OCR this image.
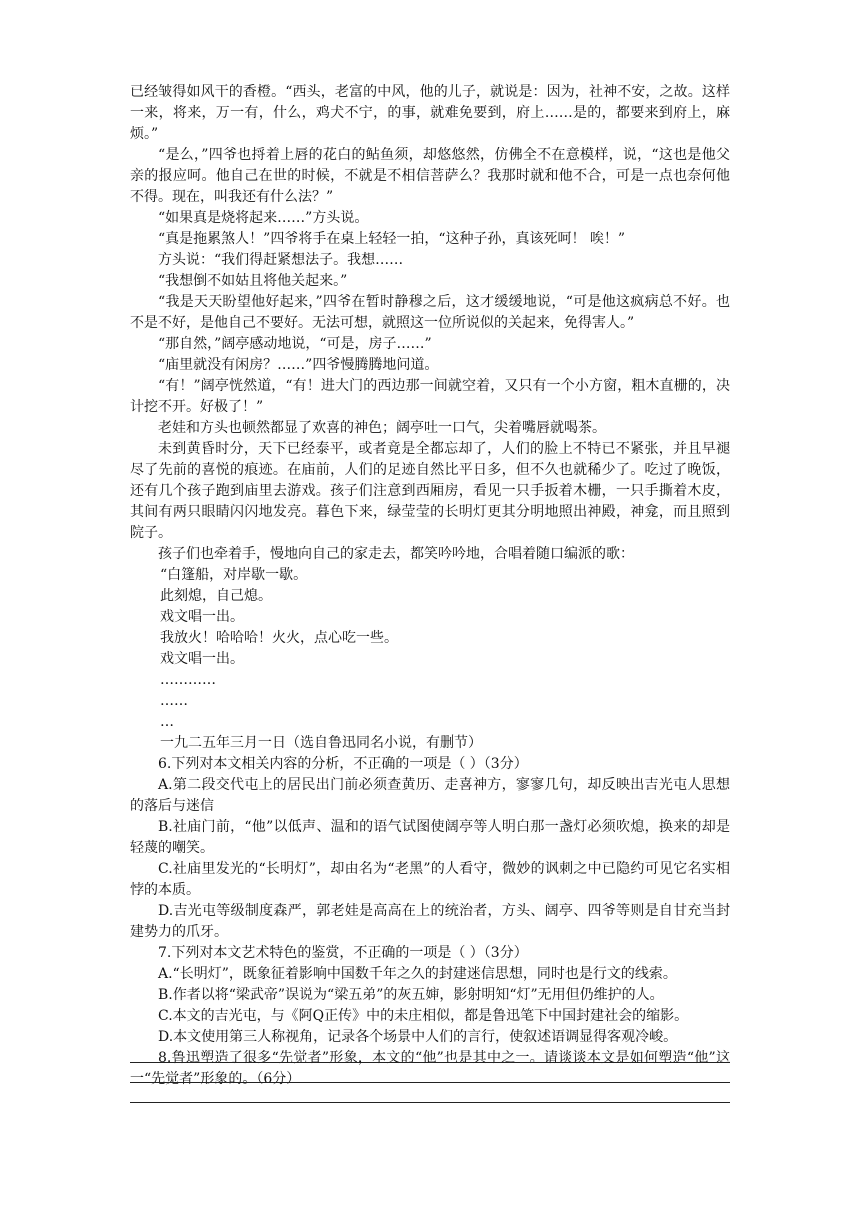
已经皱得如风干的香橙。“西头，老富的中风，他的儿子，就说是：因为，社神不安，之故。这样一来，将来，万一有，什么，鸡犬不宁，的事，就难免要到，府上……是的，都要来到府上，麻烦。”

“是么，”四爷也捋着上唇的花白的鲇鱼须，却悠悠然，仿佛全不在意模样，说，“这也是他父亲的报应呵。他自己在世的时候，不就是不相信菩萨么？我那时就和他不合，可是一点也奈何他不得。现在，叫我还有什么法？”

“如果真是烧将起来……”方头说。

“真是拖累煞人！”四爷将手在桌上轻轻一拍，“这种子孙，真该死呵！ 唉！”

方头说：“我们得赶紧想法子。我想……

“我想倒不如姑且将他关起来。”

“我是天天盼望他好起来，”四爷在暂时静穆之后，这才缓缓地说，“可是他这疯病总不好。也不是不好，是他自己不要好。无法可想，就照这一位所说似的关起来，免得害人。”

“那自然，”阔亭感动地说，“可是，房子……”

“庙里就没有闲房？……”四爷慢腾腾地问道。

“有！”阔亭恍然道，“有！进大门的西边那一间就空着，又只有一个小方窗，粗木直栅的，决计挖不开。好极了！”

老娃和方头也顿然都显了欢喜的神色；阔亭吐一口气，尖着嘴唇就喝茶。

未到黄昏时分，天下已经泰平，或者竟是全都忘却了，人们的脸上不特已不紧张，并且早褪尽了先前的喜悦的痕迹。在庙前，人们的足迹自然比平日多，但不久也就稀少了。吃过了晚饭，还有几个孩子跑到庙里去游戏。孩子们注意到西厢房，看见一只手扳着木栅，一只手撕着木皮，其间有两只眼睛闪闪地发亮。暮色下来，绿莹莹的长明灯更其分明地照出神殿，神龛，而且照到院子。

孩子们也牵着手，慢地向自己的家走去，都笑吟吟地，合唱着随口编派的歌：

“白篷船，对岸歇一歇。

此刻熄，自己熄。

戏文唱一出。

我放火！哈哈哈！火火，点心吃一些。

戏文唱一出。

…………

……

…

一九二五年三月一日（选自鲁迅同名小说，有删节）

6.下列对本文相关内容的分析，不正确的一项是（ ）（3分）

A.第二段交代屯上的居民出门前必须查黄历、走喜神方，寥寥几句，却反映出吉光屯人思想的落后与迷信

B.社庙门前，“他”以低声、温和的语气试图使阔亭等人明白那一盏灯必须吹熄，换来的却是轻蔑的嘲笑。

C.社庙里发光的“长明灯”，却由名为“老黑”的人看守，微妙的讽刺之中已隐约可见它名实相悖的本质。

D.吉光屯等级制度森严，郭老娃是高高在上的统治者，方头、阔亭、四爷等则是自甘充当封建势力的爪牙。

7.下列对本文艺术特色的鉴赏，不正确的一项是（ ）（3分）

A.“长明灯”，既象征着影响中国数千年之久的封建迷信思想，同时也是行文的线索。

B.作者以将“梁武帝”误说为“梁五弟”的灰五婶，影射明知“灯”无用但仍维护的人。

C.本文的吉光屯，与《阿Q正传》中的未庄相似，都是鲁迅笔下中国封建社会的缩影。

D.本文使用第三人称视角，记录各个场景中人们的言行，使叙述语调显得客观冷峻。

8.鲁迅塑造了很多“先觉者”形象，本文的“他”也是其中之一。请谈谈本文是如何塑造“他”这一“先觉者”形象的。（6分）
